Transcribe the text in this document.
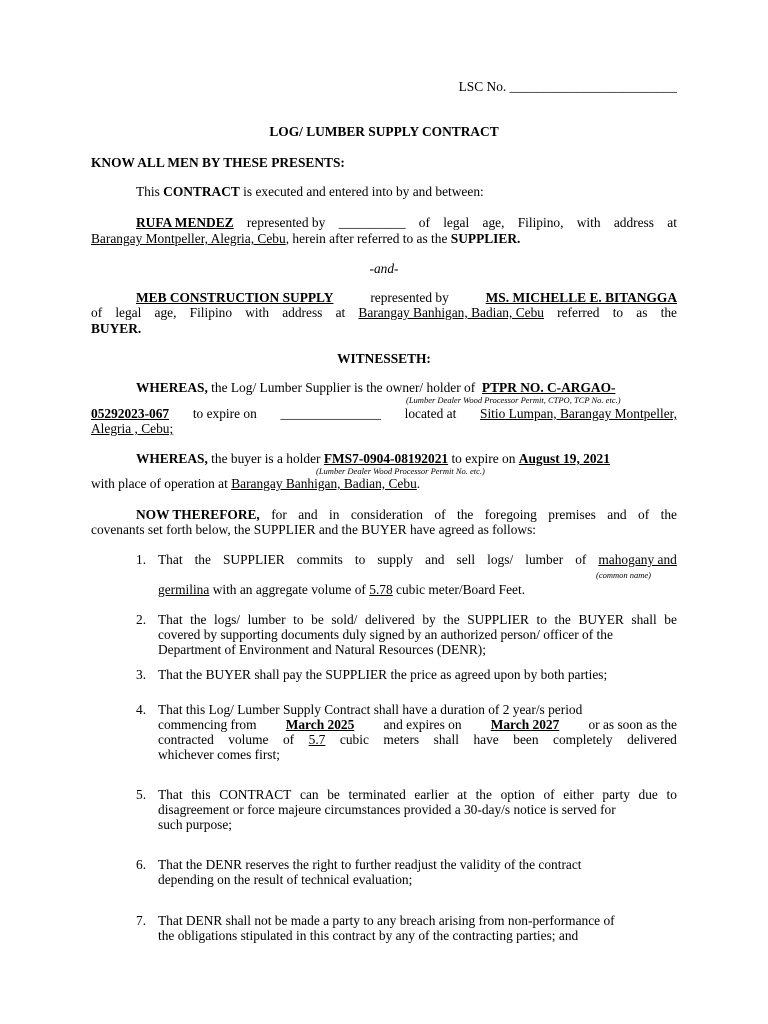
LSC No. _________________________
LOG/ LUMBER SUPPLY CONTRACT
KNOW ALL MEN BY THESE PRESENTS:
This CONTRACT is executed and entered into by and between:
RUFA MENDEZ represented by __________ of legal age, Filipino, with address at
Barangay Montpeller, Alegria, Cebu, herein after referred to as the SUPPLIER.
-and-
MEB CONSTRUCTION SUPPLY	represented by	MS. MICHELLE E. BITANGGA
of legal age, Filipino with address at Barangay Banhigan, Badian, Cebu referred to as the
BUYER.
WITNESSETH:
WHEREAS, the Log/ Lumber Supplier is the owner/ holder of PTPR NO. C-ARGAO-
(Lumber Dealer Wood Processor Permit, CTPO, TCP No. etc.)
05292023-067 to expire on _______________ located at Sitio Lumpan, Barangay Montpeller,
Alegria , Cebu;
WHEREAS, the buyer is a holder FMS7-0904-08192021 to expire on August 19, 2021
(Lumber Dealer Wood Processor Permit No. etc.)
with place of operation at Barangay Banhigan, Badian, Cebu.
NOW THEREFORE, for and in consideration of the foregoing premises and of the
covenants set forth below, the SUPPLIER and the BUYER have agreed as follows:
1. That the SUPPLIER commits to supply and sell logs/ lumber of mahogany and
(common name)
germilina with an aggregate volume of 5.78 cubic meter/Board Feet.
2. That the logs/ lumber to be sold/ delivered by the SUPPLIER to the BUYER shall be
covered by supporting documents duly signed by an authorized person/ officer of the
Department of Environment and Natural Resources (DENR);
3. That the BUYER shall pay the SUPPLIER the price as agreed upon by both parties;
4. That this Log/ Lumber Supply Contract shall have a duration of 2 year/s period
commencing from March 2025 and expires on March 2027 or as soon as the
contracted volume of 5.7 cubic meters shall have been completely delivered
whichever comes first;
5. That this CONTRACT can be terminated earlier at the option of either party due to
disagreement or force majeure circumstances provided a 30-day/s notice is served for
such purpose;
6. That the DENR reserves the right to further readjust the validity of the contract
depending on the result of technical evaluation;
7. That DENR shall not be made a party to any breach arising from non-performance of
the obligations stipulated in this contract by any of the contracting parties; and
